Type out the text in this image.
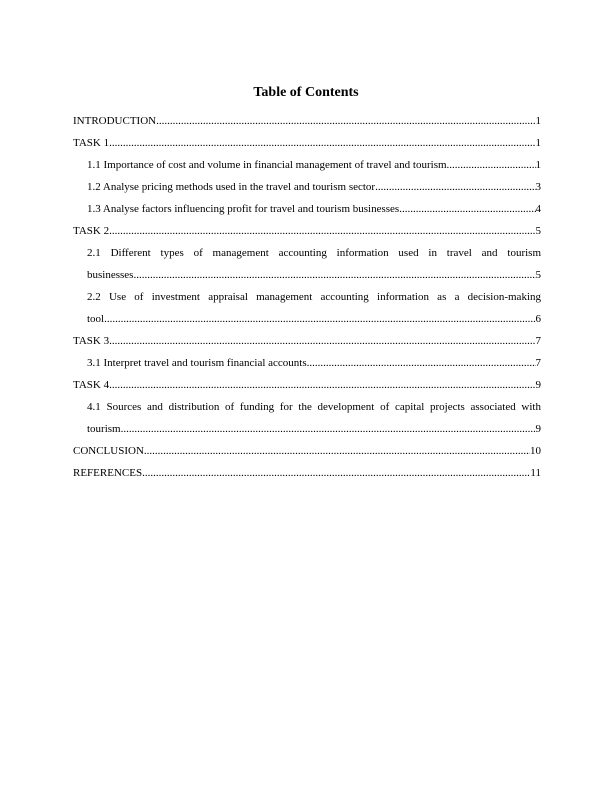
Table of Contents
INTRODUCTION .....	1
TASK 1 .....	1
1.1 Importance of cost and volume in financial management of travel and tourism .....	1
1.2 Analyse pricing methods used in the travel and tourism sector .....	3
1.3 Analyse factors influencing profit for travel and tourism businesses .....	4
TASK 2 .....	5
2.1 Different types of management accounting information used in travel and tourism
businesses .....	5
2.2 Use of investment appraisal management accounting information as a decision-making
tool .....	6
TASK 3 .....	7
3.1 Interpret travel and tourism financial accounts .....	7
TASK 4 .....	9
4.1 Sources and distribution of funding for the development of capital projects associated with
tourism .....	9
CONCLUSION .....	10
REFERENCES .....	11
